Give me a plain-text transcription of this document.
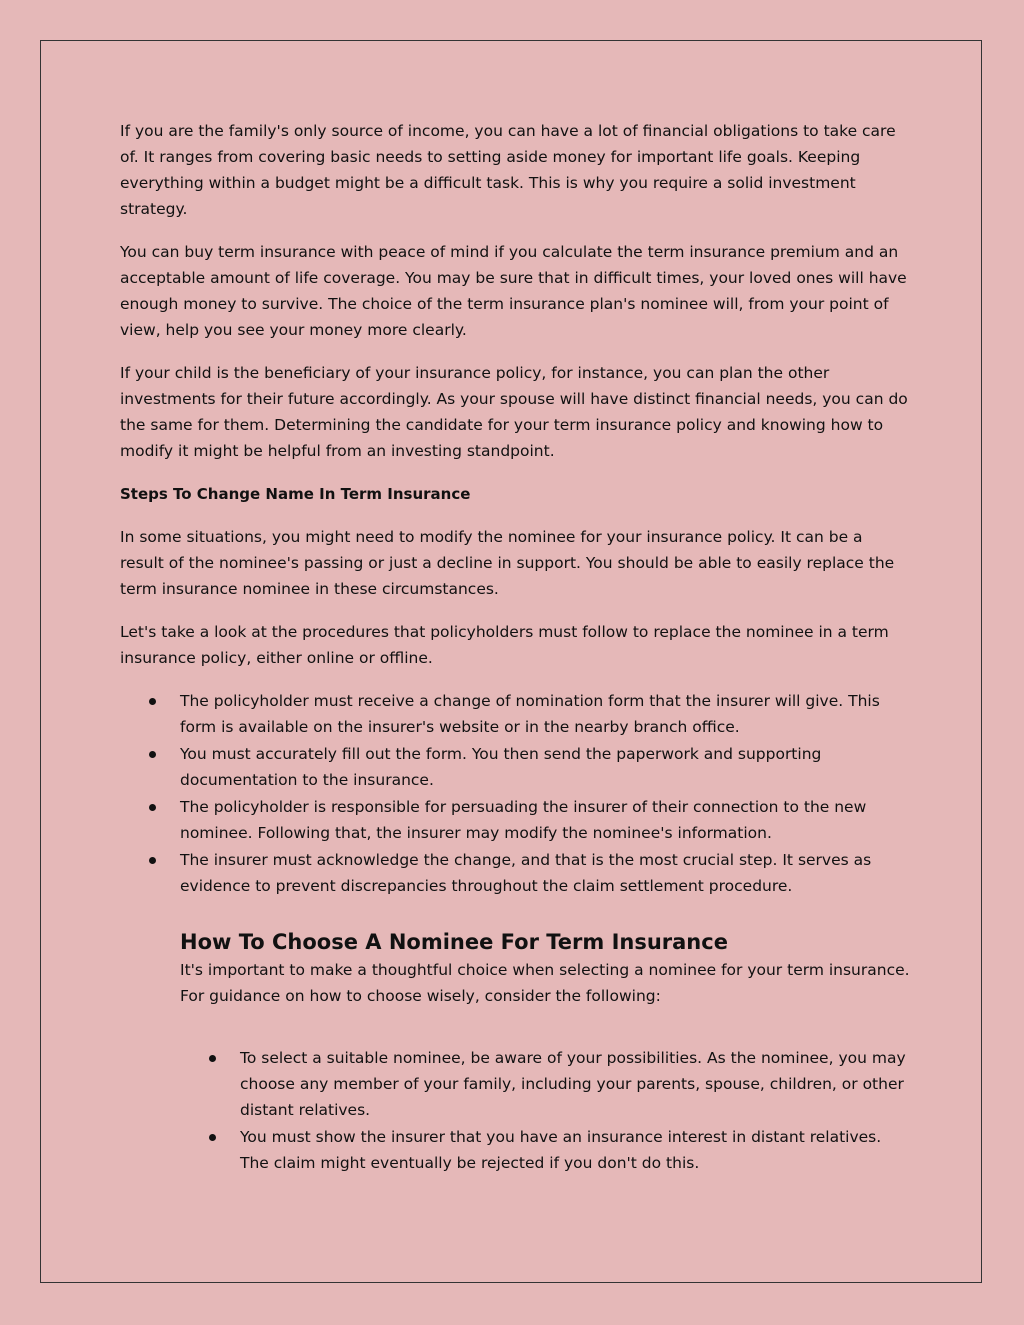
If you are the family's only source of income, you can have a lot of financial obligations to take care of. It ranges from covering basic needs to setting aside money for important life goals. Keeping everything within a budget might be a difficult task. This is why you require a solid investment strategy.

You can buy term insurance with peace of mind if you calculate the term insurance premium and an acceptable amount of life coverage. You may be sure that in difficult times, your loved ones will have enough money to survive. The choice of the term insurance plan's nominee will, from your point of view, help you see your money more clearly.

If your child is the beneficiary of your insurance policy, for instance, you can plan the other investments for their future accordingly. As your spouse will have distinct financial needs, you can do the same for them. Determining the candidate for your term insurance policy and knowing how to modify it might be helpful from an investing standpoint.

Steps To Change Name In Term Insurance

In some situations, you might need to modify the nominee for your insurance policy. It can be a result of the nominee's passing or just a decline in support. You should be able to easily replace the term insurance nominee in these circumstances.

Let's take a look at the procedures that policyholders must follow to replace the nominee in a term insurance policy, either online or offline.

The policyholder must receive a change of nomination form that the insurer will give. This form is available on the insurer's website or in the nearby branch office.
You must accurately fill out the form. You then send the paperwork and supporting documentation to the insurance.
The policyholder is responsible for persuading the insurer of their connection to the new nominee. Following that, the insurer may modify the nominee's information.
The insurer must acknowledge the change, and that is the most crucial step. It serves as evidence to prevent discrepancies throughout the claim settlement procedure.
How To Choose A Nominee For Term Insurance

It's important to make a thoughtful choice when selecting a nominee for your term insurance. For guidance on how to choose wisely, consider the following:

To select a suitable nominee, be aware of your possibilities. As the nominee, you may choose any member of your family, including your parents, spouse, children, or other distant relatives.
You must show the insurer that you have an insurance interest in distant relatives. The claim might eventually be rejected if you don't do this.
